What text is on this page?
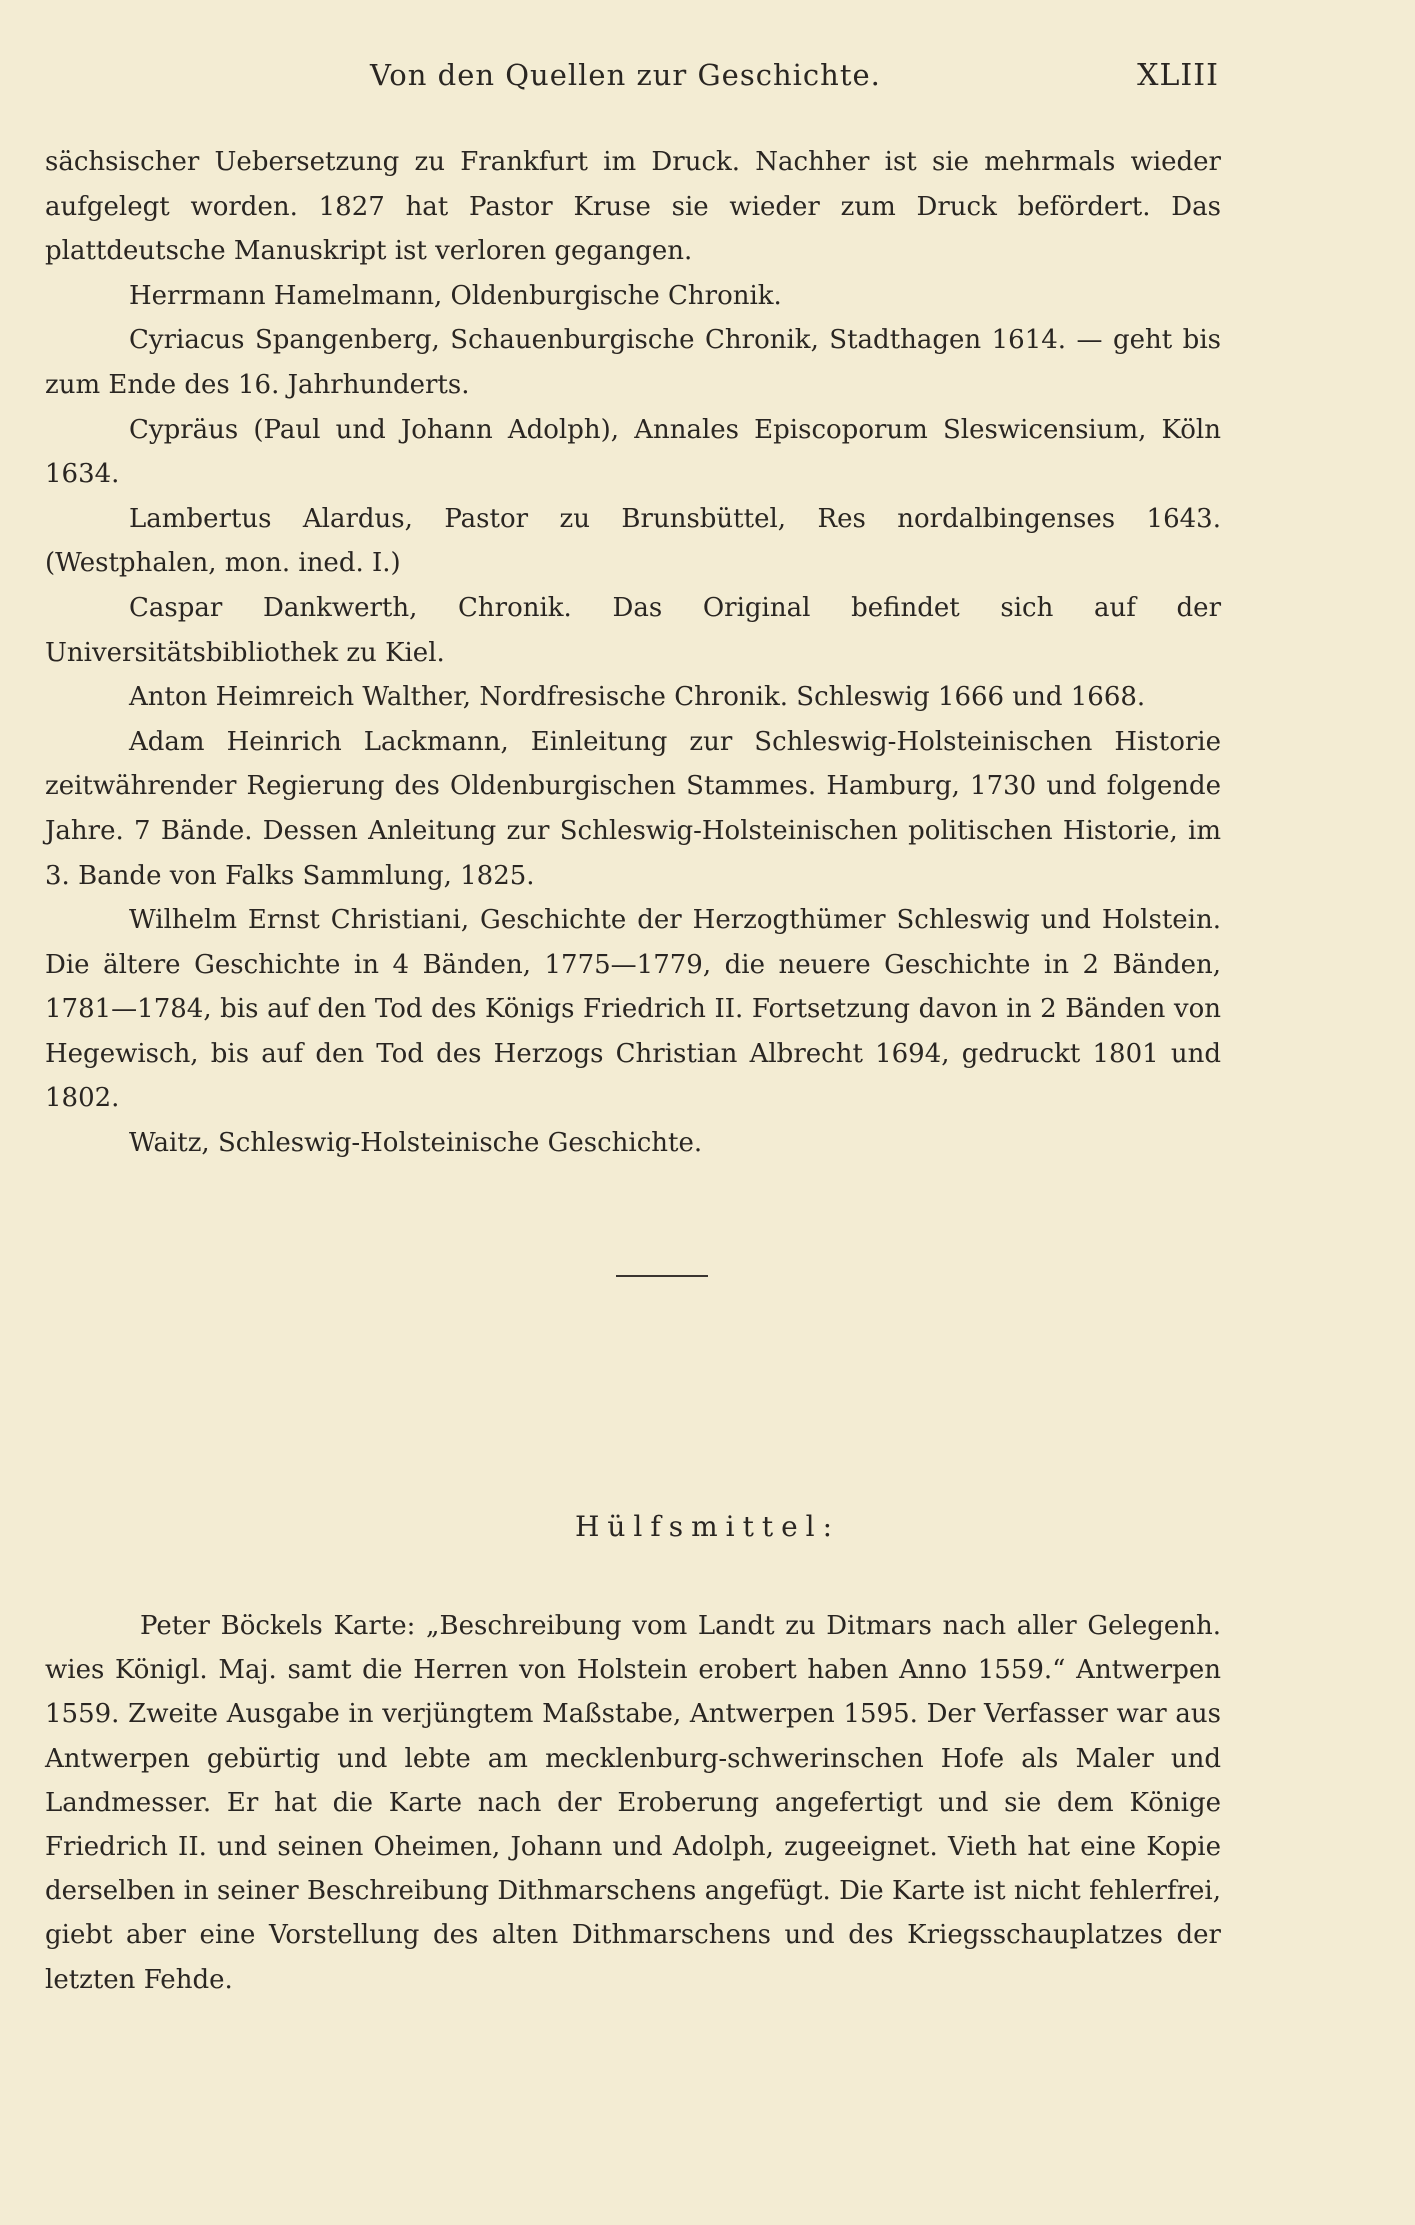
Von den Quellen zur Geschichte.	XLIII

sächsischer Uebersetzung zu Frankfurt im Druck. Nachher ist sie mehrmals wieder aufgelegt worden. 1827 hat Pastor Kruse sie wieder zum Druck befördert. Das plattdeutsche Manuskript ist verloren gegangen.

Herrmann Hamelmann, Oldenburgische Chronik.

Cyriacus Spangenberg, Schauenburgische Chronik, Stadthagen 1614. — geht bis zum Ende des 16. Jahrhunderts.

Cypräus (Paul und Johann Adolph), Annales Episcoporum Sleswicensium, Köln 1634.

Lambertus Alardus, Pastor zu Brunsbüttel, Res nordalbingenses 1643. (Westphalen, mon. ined. I.)

Caspar Dankwerth, Chronik. Das Original befindet sich auf der Universitätsbibliothek zu Kiel.

Anton Heimreich Walther, Nordfresische Chronik. Schleswig 1666 und 1668.

Adam Heinrich Lackmann, Einleitung zur Schleswig-Holsteinischen Historie zeitwährender Regierung des Oldenburgischen Stammes. Hamburg, 1730 und folgende Jahre. 7 Bände. Dessen Anleitung zur Schleswig-Holsteinischen politischen Historie, im 3. Bande von Falks Sammlung, 1825.

Wilhelm Ernst Christiani, Geschichte der Herzogthümer Schleswig und Holstein. Die ältere Geschichte in 4 Bänden, 1775—1779, die neuere Geschichte in 2 Bänden, 1781—1784, bis auf den Tod des Königs Friedrich II. Fortsetzung davon in 2 Bänden von Hegewisch, bis auf den Tod des Herzogs Christian Albrecht 1694, gedruckt 1801 und 1802.

Waitz, Schleswig-Holsteinische Geschichte.

Hülfsmittel:

Peter Böckels Karte: „Beschreibung vom Landt zu Ditmars nach aller Gelegenh. wies Königl. Maj. samt die Herren von Holstein erobert haben Anno 1559.“ Antwerpen 1559. Zweite Ausgabe in verjüngtem Maßstabe, Antwerpen 1595. Der Verfasser war aus Antwerpen gebürtig und lebte am mecklenburg-schwerinschen Hofe als Maler und Landmesser. Er hat die Karte nach der Eroberung angefertigt und sie dem Könige Friedrich II. und seinen Oheimen, Johann und Adolph, zugeeignet. Vieth hat eine Kopie derselben in seiner Beschreibung Dithmarschens angefügt. Die Karte ist nicht fehlerfrei, giebt aber eine Vorstellung des alten Dithmarschens und des Kriegsschauplatzes der letzten Fehde.
